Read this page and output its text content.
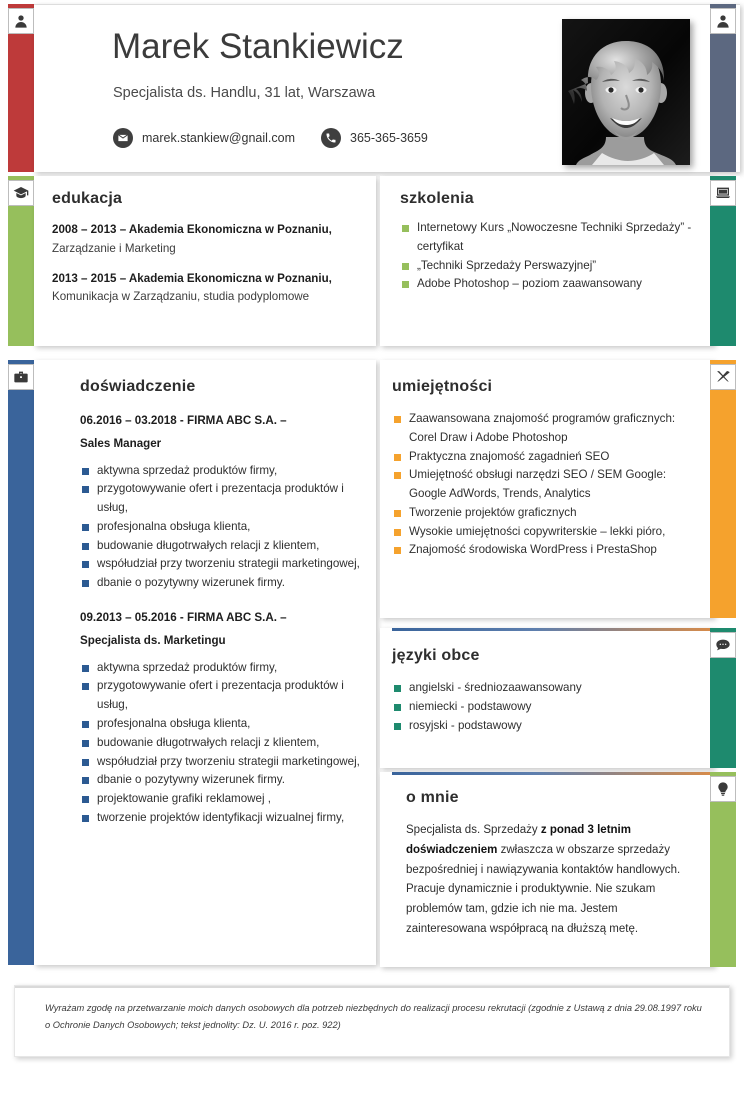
Marek Stankiewicz
Specjalista ds. Handlu, 31 lat, Warszawa
marek.stankiew@gnail.com	365-365-3659
edukacja
2008 – 2013 – Akademia Ekonomiczna w Poznaniu, Zarządzanie i Marketing
2013 – 2015 – Akademia Ekonomiczna w Poznaniu, Komunikacja w Zarządzaniu, studia podyplomowe
szkolenia
Internetowy Kurs „Nowoczesne Techniki Sprzedaży” - certyfikat
„Techniki Sprzedaży Perswazyjnej”
Adobe Photoshop – poziom zaawansowany
doświadczenie
06.2016 – 03.2018 - FIRMA ABC S.A. –
Sales Manager
aktywna sprzedaż produktów firmy,
przygotowywanie ofert i prezentacja produktów i usług,
profesjonalna obsługa klienta,
budowanie długotrwałych relacji z klientem,
współudział przy tworzeniu strategii marketingowej,
dbanie o pozytywny wizerunek firmy.
09.2013 – 05.2016 - FIRMA ABC S.A. –
Specjalista ds. Marketingu
aktywna sprzedaż produktów firmy,
przygotowywanie ofert i prezentacja produktów i usług,
profesjonalna obsługa klienta,
budowanie długotrwałych relacji z klientem,
współudział przy tworzeniu strategii marketingowej,
dbanie o pozytywny wizerunek firmy.
projektowanie grafiki reklamowej ,
tworzenie projektów identyfikacji wizualnej firmy,
umiejętności
Zaawansowana znajomość programów graficznych: Corel Draw i Adobe Photoshop
Praktyczna znajomość zagadnień SEO
Umiejętność obsługi narzędzi SEO / SEM Google: Google AdWords, Trends, Analytics
Tworzenie projektów graficznych
Wysokie umiejętności copywriterskie – lekki pióro,
Znajomość środowiska WordPress i PrestaShop
języki obce
angielski - średniozaawansowany
niemiecki - podstawowy
rosyjski - podstawowy
o mnie
Specjalista ds. Sprzedaży z ponad 3 letnim doświadczeniem zwłaszcza w obszarze sprzedaży bezpośredniej i nawiązywania kontaktów handlowych. Pracuje dynamicznie i produktywnie. Nie szukam problemów tam, gdzie ich nie ma. Jestem zainteresowana współpracą na dłuższą metę.
Wyrażam zgodę na przetwarzanie moich danych osobowych dla potrzeb niezbędnych do realizacji procesu rekrutacji (zgodnie z Ustawą z dnia 29.08.1997 roku o Ochronie Danych Osobowych; tekst jednolity: Dz. U. 2016 r. poz. 922)
